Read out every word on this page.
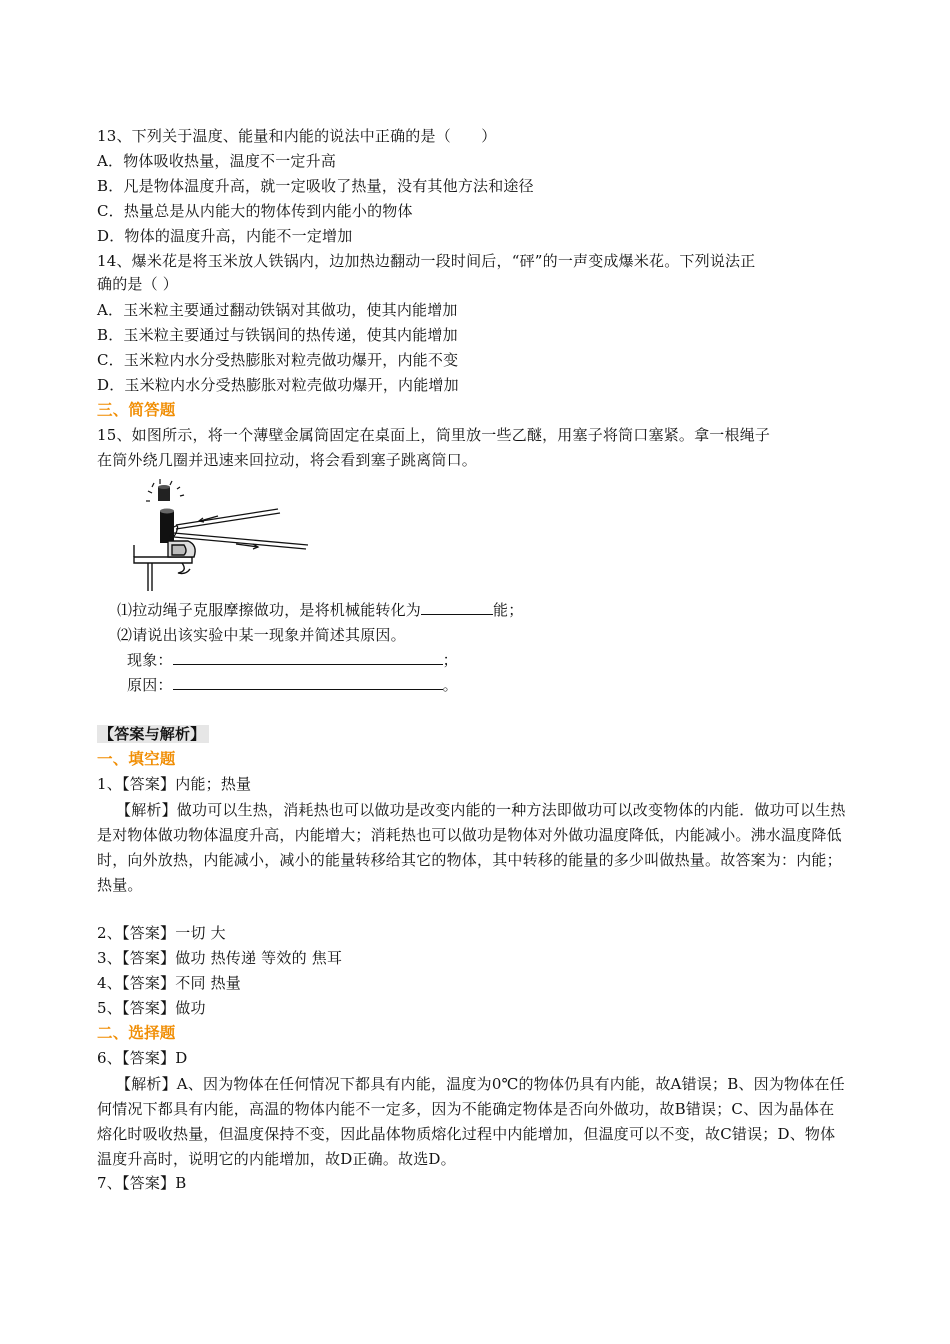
13、下列关于温度、能量和内能的说法中正确的是（　　）
A．物体吸收热量，温度不一定升高
B．凡是物体温度升高，就一定吸收了热量，没有其他方法和途径
C．热量总是从内能大的物体传到内能小的物体
D．物体的温度升高，内能不一定增加
14、爆米花是将玉米放人铁锅内，边加热边翻动一段时间后，“砰”的一声变成爆米花。下列说法正
确的是（ ）
A．玉米粒主要通过翻动铁锅对其做功，使其内能增加
B．玉米粒主要通过与铁锅间的热传递，使其内能增加
C．玉米粒内水分受热膨胀对粒壳做功爆开，内能不变
D．玉米粒内水分受热膨胀对粒壳做功爆开，内能增加
三、简答题
15、如图所示，将一个薄壁金属筒固定在桌面上，筒里放一些乙醚，用塞子将筒口塞紧。拿一根绳子
在筒外绕几圈并迅速来回拉动，将会看到塞子跳离筒口。
⑴拉动绳子克服摩擦做功，是将机械能转化为	能；
⑵请说出该实验中某一现象并简述其原因。
现象：	；
原因：	。
【答案与解析】
一、填空题
1、【答案】内能；热量
【解析】做功可以生热，消耗热也可以做功是改变内能的一种方法即做功可以改变物体的内能．做功可以生热是对物体做功物体温度升高，内能增大；消耗热也可以做功是物体对外做功温度降低，内能减小。沸水温度降低时，向外放热，内能减小，减小的能量转移给其它的物体，其中转移的能量的多少叫做热量。故答案为：内能；热量。
2、【答案】一切 大
3、【答案】做功 热传递 等效的 焦耳
4、【答案】不同 热量
5、【答案】做功
二、选择题
6、【答案】D
【解析】A、因为物体在任何情况下都具有内能，温度为0℃的物体仍具有内能，故A错误；B、因为物体在任何情况下都具有内能，高温的物体内能不一定多，因为不能确定物体是否向外做功，故B错误；C、因为晶体在熔化时吸收热量，但温度保持不变，因此晶体物质熔化过程中内能增加，但温度可以不变，故C错误；D、物体温度升高时，说明它的内能增加，故D正确。故选D。
7、【答案】B
